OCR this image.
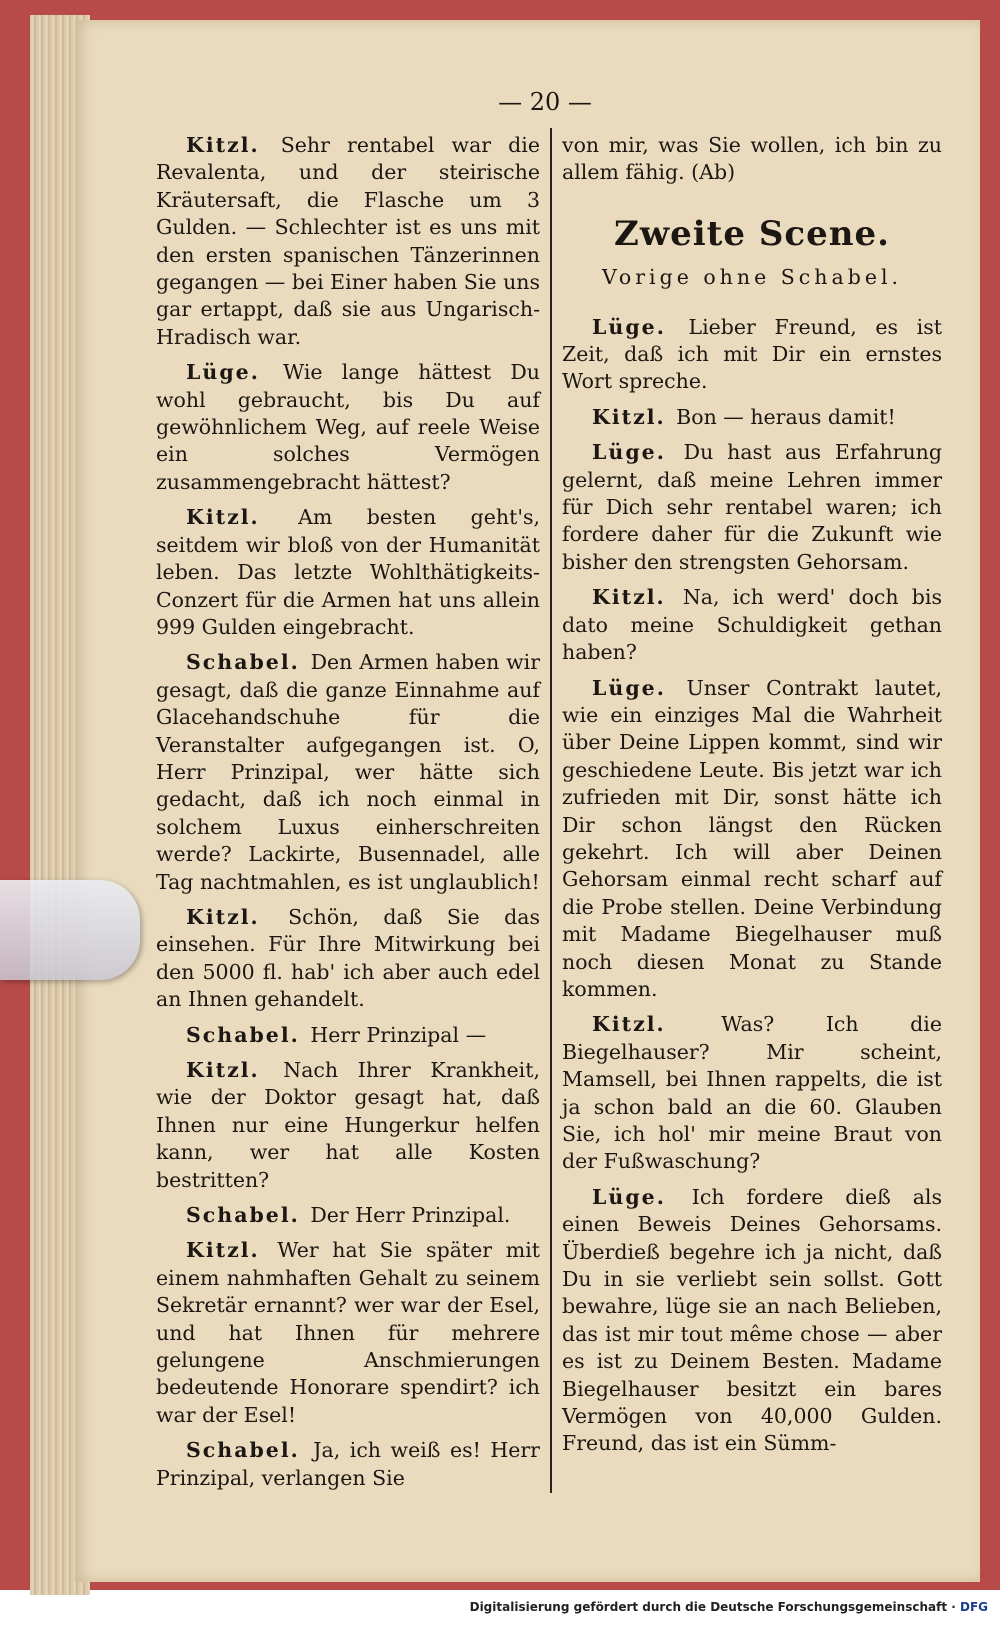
— 20 —

Kitzl. Sehr rentabel war die Revalenta, und der steirische Kräutersaft, die Flasche um 3 Gulden. — Schlechter ist es uns mit den ersten spanischen Tänzerinnen gegangen — bei Einer haben Sie uns gar ertappt, daß sie aus Ungarisch-Hradisch war.

Lüge. Wie lange hättest Du wohl gebraucht, bis Du auf gewöhnlichem Weg, auf reele Weise ein solches Vermögen zusammengebracht hättest?

Kitzl. Am besten geht's, seitdem wir bloß von der Humanität leben. Das letzte Wohlthätigkeits-Conzert für die Armen hat uns allein 999 Gulden eingebracht.

Schabel. Den Armen haben wir gesagt, daß die ganze Einnahme auf Glacehandschuhe für die Veranstalter aufgegangen ist. O, Herr Prinzipal, wer hätte sich gedacht, daß ich noch einmal in solchem Luxus einherschreiten werde? Lackirte, Busennadel, alle Tag nachtmahlen, es ist unglaublich!

Kitzl. Schön, daß Sie das einsehen. Für Ihre Mitwirkung bei den 5000 fl. hab' ich aber auch edel an Ihnen gehandelt.

Schabel. Herr Prinzipal —

Kitzl. Nach Ihrer Krankheit, wie der Doktor gesagt hat, daß Ihnen nur eine Hungerkur helfen kann, wer hat alle Kosten bestritten?

Schabel. Der Herr Prinzipal.

Kitzl. Wer hat Sie später mit einem nahmhaften Gehalt zu seinem Sekretär ernannt? wer war der Esel, und hat Ihnen für mehrere gelungene Anschmierungen bedeutende Honorare spendirt? ich war der Esel!

Schabel. Ja, ich weiß es! Herr Prinzipal, verlangen Sie

von mir, was Sie wollen, ich bin zu allem fähig. (Ab)

Zweite Scene.
Vorige ohne Schabel.

Lüge. Lieber Freund, es ist Zeit, daß ich mit Dir ein ernstes Wort spreche.

Kitzl. Bon — heraus damit!

Lüge. Du hast aus Erfahrung gelernt, daß meine Lehren immer für Dich sehr rentabel waren; ich fordere daher für die Zukunft wie bisher den strengsten Gehorsam.

Kitzl. Na, ich werd' doch bis dato meine Schuldigkeit gethan haben?

Lüge. Unser Contrakt lautet, wie ein einziges Mal die Wahrheit über Deine Lippen kommt, sind wir geschiedene Leute. Bis jetzt war ich zufrieden mit Dir, sonst hätte ich Dir schon längst den Rücken gekehrt. Ich will aber Deinen Gehorsam einmal recht scharf auf die Probe stellen. Deine Verbindung mit Madame Biegelhauser muß noch diesen Monat zu Stande kommen.

Kitzl.	Was? Ich die Biegelhauser? Mir scheint, Mamsell, bei Ihnen rappelts, die ist ja schon bald an die 60. Glauben Sie, ich hol' mir meine Braut von der Fußwaschung?

Lüge. Ich fordere dieß als einen Beweis Deines Gehorsams. Überdieß begehre ich ja nicht, daß Du in sie verliebt sein sollst. Gott bewahre, lüge sie an nach Belieben, das ist mir tout même chose — aber es ist zu Deinem Besten. Madame Biegelhauser besitzt ein bares Vermögen von 40,000 Gulden. Freund, das ist ein Sümm-

Digitalisierung gefördert durch die Deutsche Forschungsgemeinschaft · DFG
